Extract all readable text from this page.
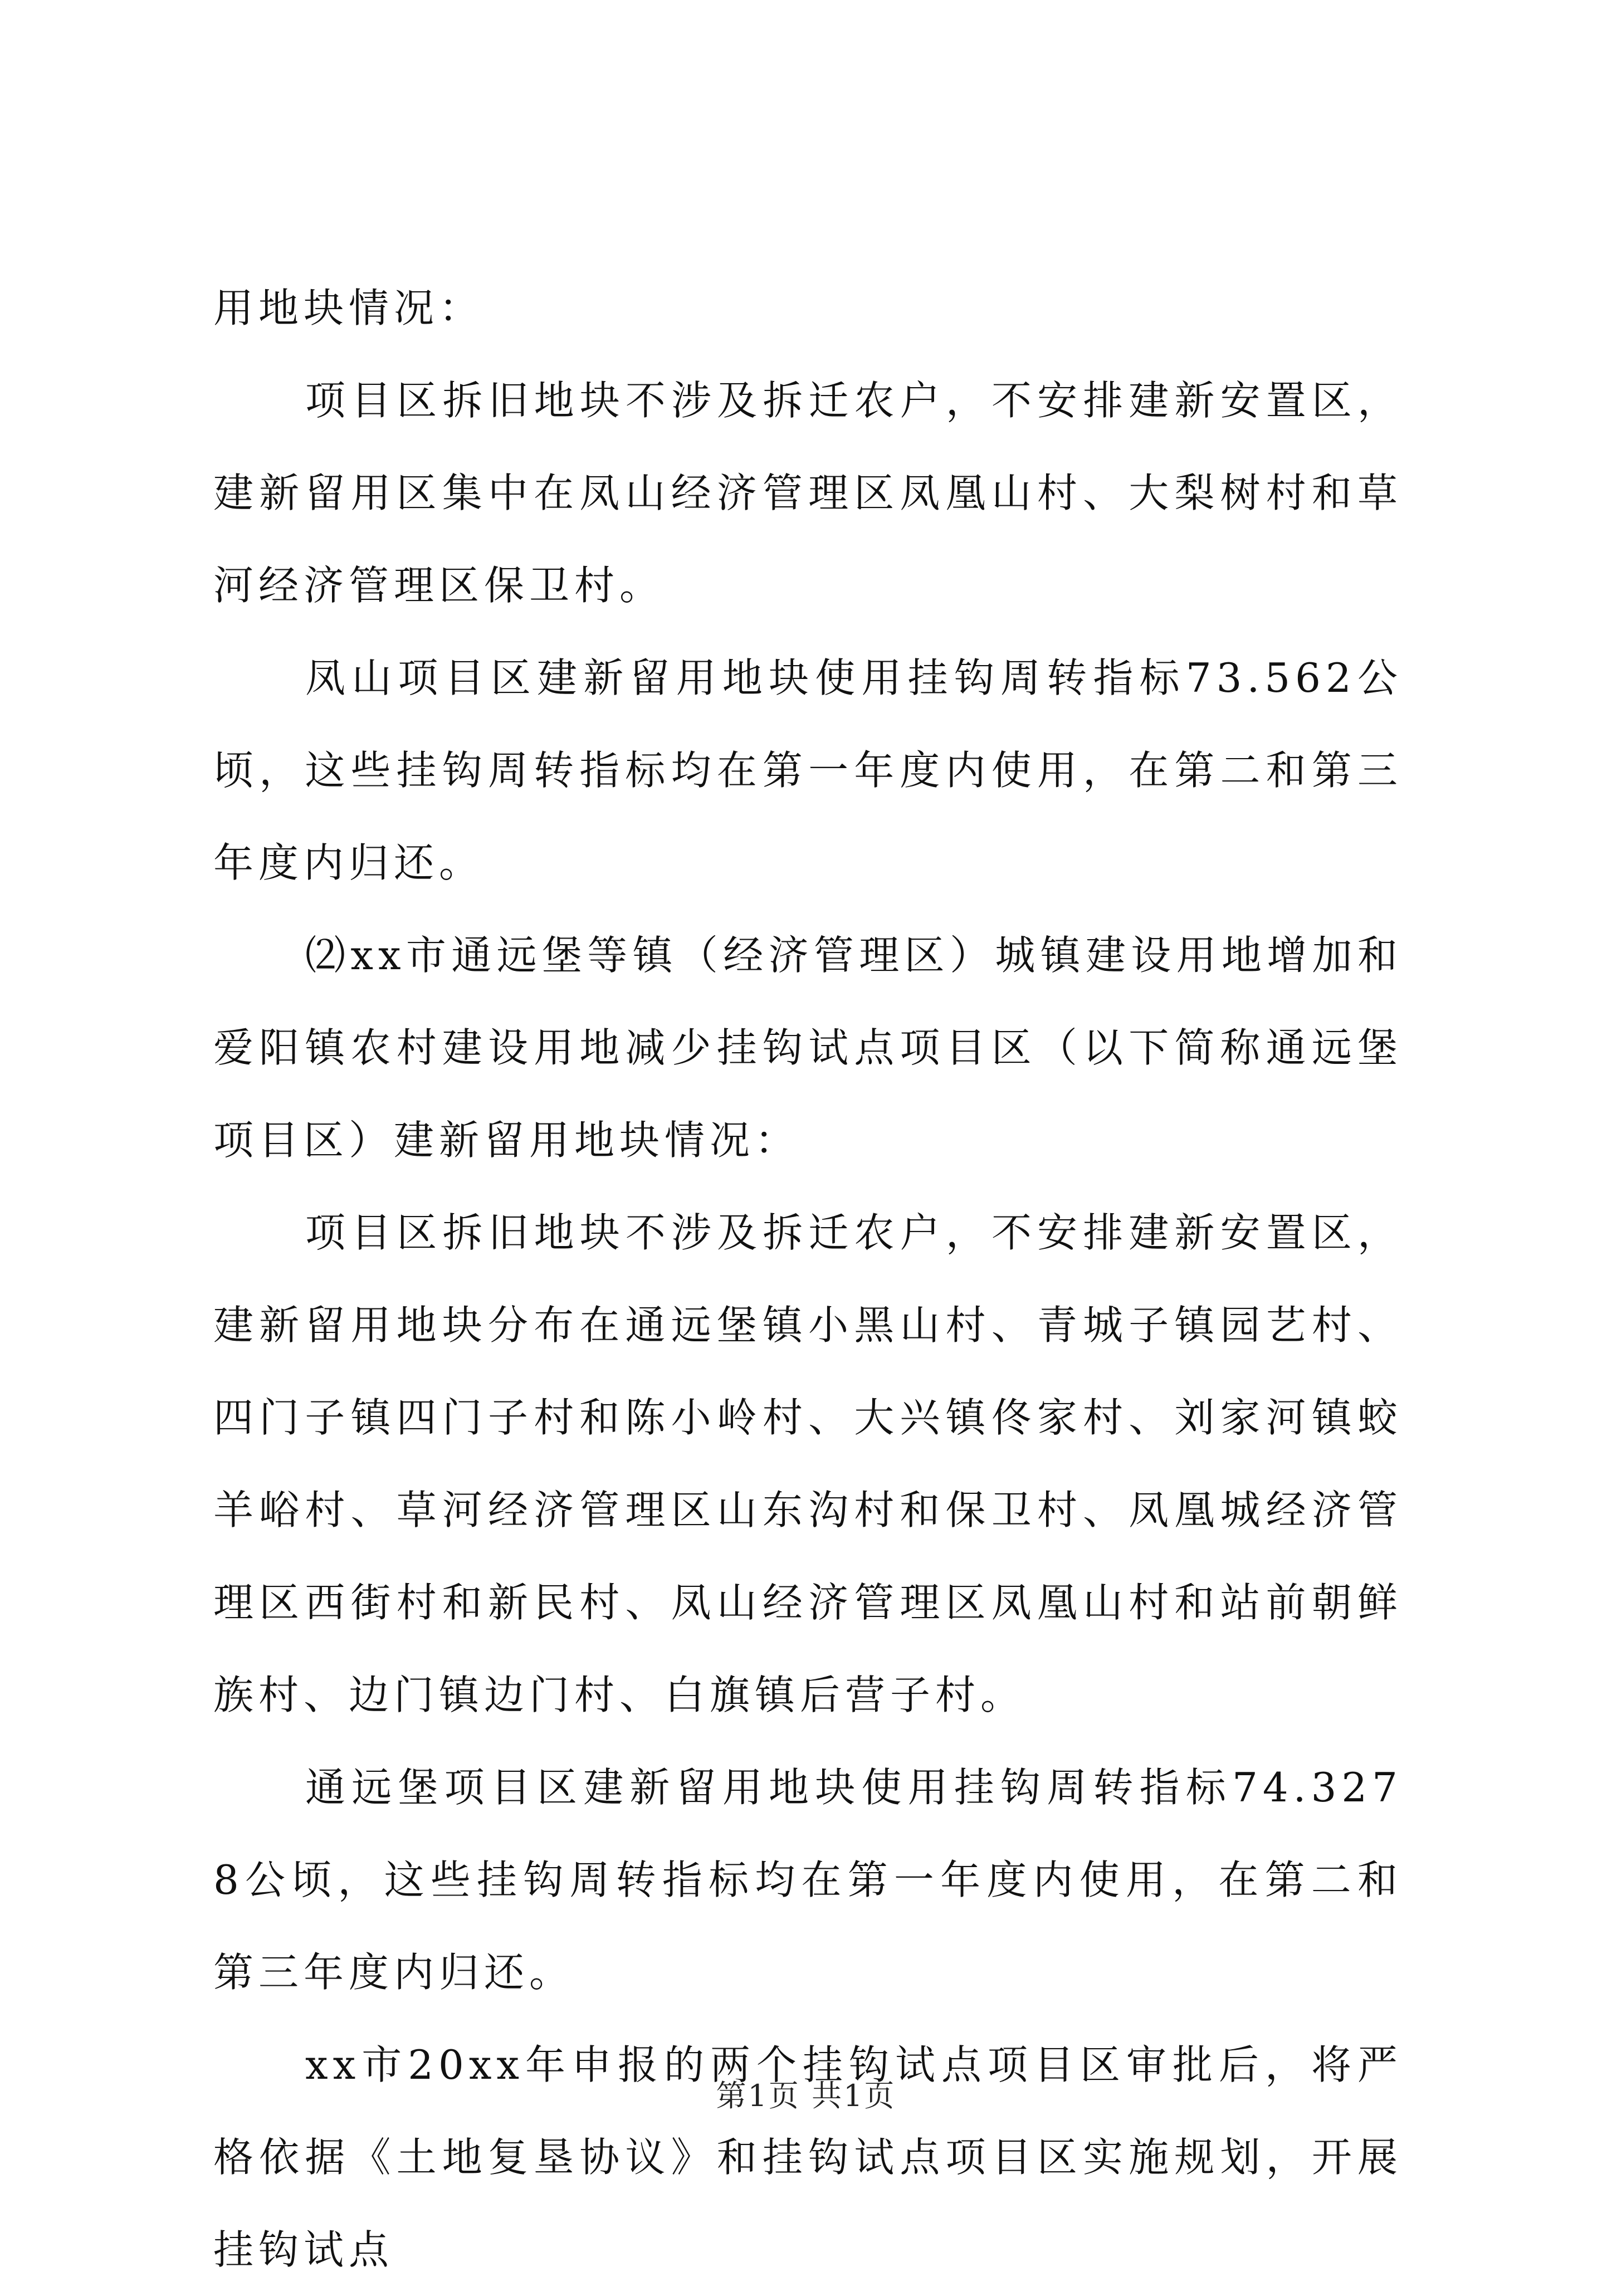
用地块情况：

项目区拆旧地块不涉及拆迁农户，不安排建新安置区，建新留用区集中在凤山经济管理区凤凰山村、大梨树村和草河经济管理区保卫村。

凤山项目区建新留用地块使用挂钩周转指标73.562公顷，这些挂钩周转指标均在第一年度内使用，在第二和第三年度内归还。

⑵xx市通远堡等镇（经济管理区）城镇建设用地增加和爱阳镇农村建设用地减少挂钩试点项目区（以下简称通远堡项目区）建新留用地块情况：

项目区拆旧地块不涉及拆迁农户，不安排建新安置区，建新留用地块分布在通远堡镇小黑山村、青城子镇园艺村、四门子镇四门子村和陈小岭村、大兴镇佟家村、刘家河镇蛟羊峪村、草河经济管理区山东沟村和保卫村、凤凰城经济管理区西街村和新民村、凤山经济管理区凤凰山村和站前朝鲜族村、边门镇边门村、白旗镇后营子村。

通远堡项目区建新留用地块使用挂钩周转指标74.3278公顷，这些挂钩周转指标均在第一年度内使用，在第二和第三年度内归还。

xx市20xx年申报的两个挂钩试点项目区审批后，将严格依据《土地复垦协议》和挂钩试点项目区实施规划，开展挂钩试点

第1页 共1页
